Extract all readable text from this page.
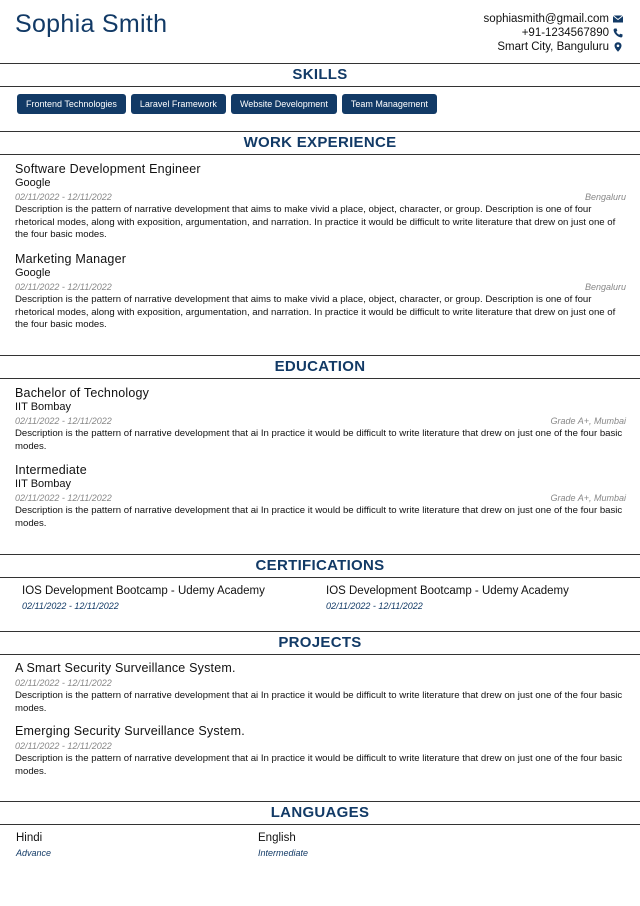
Sophia Smith	sophiasmith@gmail.com
+91-1234567890
Smart City, Banguluru
SKILLS
Frontend Technologies	Laravel Framework	Website Development	Team Management
WORK EXPERIENCE
Software Development Engineer
Google
02/11/2022 - 12/11/2022	Bengaluru
Description is the pattern of narrative development that aims to make vivid a place, object, character, or group. Description is one of four rhetorical modes, along with exposition, argumentation, and narration. In practice it would be difficult to write literature that drew on just one of the four basic modes.
Marketing Manager
Google
02/11/2022 - 12/11/2022	Bengaluru
Description is the pattern of narrative development that aims to make vivid a place, object, character, or group. Description is one of four rhetorical modes, along with exposition, argumentation, and narration. In practice it would be difficult to write literature that drew on just one of the four basic modes.
EDUCATION
Bachelor of Technology
IIT Bombay
02/11/2022 - 12/11/2022	Grade A+, Mumbai
Description is the pattern of narrative development that ai In practice it would be difficult to write literature that drew on just one of the four basic modes.
Intermediate
IIT Bombay
02/11/2022 - 12/11/2022	Grade A+, Mumbai
Description is the pattern of narrative development that ai In practice it would be difficult to write literature that drew on just one of the four basic modes.
CERTIFICATIONS
IOS Development Bootcamp - Udemy Academy
02/11/2022 - 12/11/2022
IOS Development Bootcamp - Udemy Academy
02/11/2022 - 12/11/2022
PROJECTS
A Smart Security Surveillance System.
02/11/2022 - 12/11/2022
Description is the pattern of narrative development that ai In practice it would be difficult to write literature that drew on just one of the four basic modes.
Emerging Security Surveillance System.
02/11/2022 - 12/11/2022
Description is the pattern of narrative development that ai In practice it would be difficult to write literature that drew on just one of the four basic modes.
LANGUAGES
Hindi
Advance
English
Intermediate
